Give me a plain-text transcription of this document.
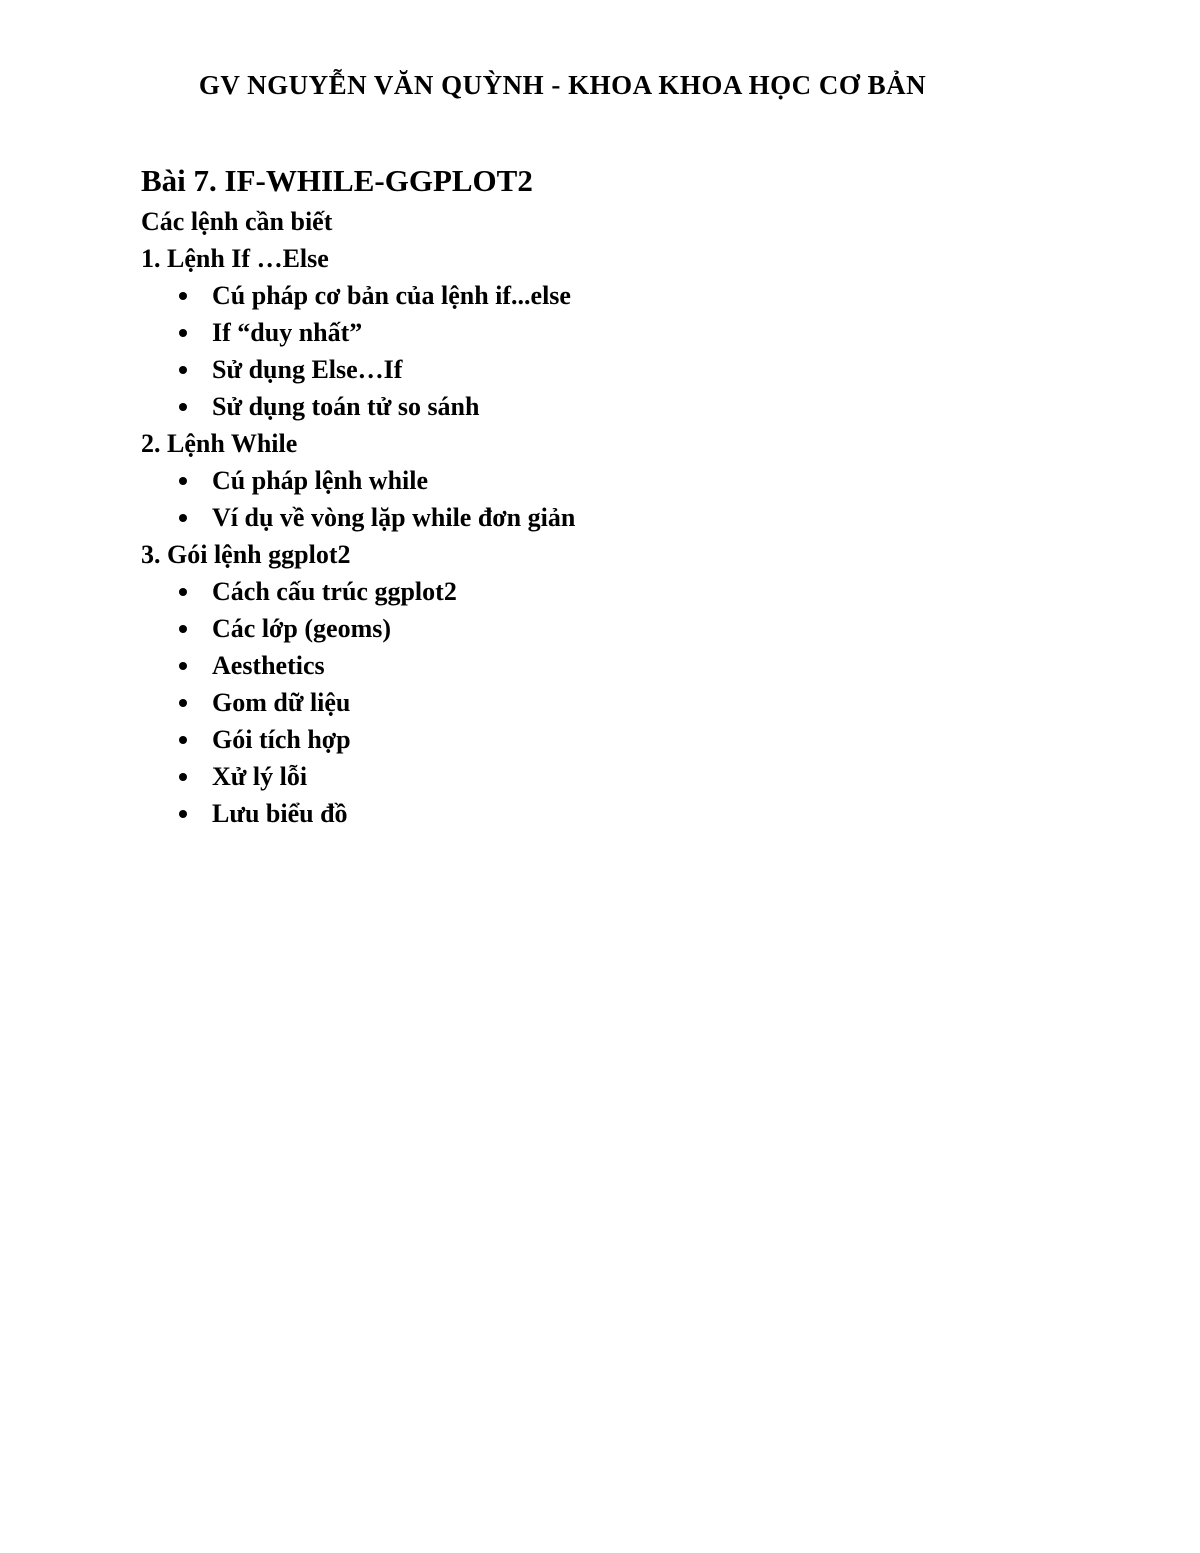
GV NGUYỄN VĂN QUỲNH - KHOA KHOA HỌC CƠ BẢN
Bài 7. IF-WHILE-GGPLOT2
Các lệnh cần biết
1. Lệnh If …Else
Cú pháp cơ bản của lệnh if...else
If “duy nhất”
Sử dụng Else…If
Sử dụng toán tử so sánh
2. Lệnh While
Cú pháp lệnh while
Ví dụ về vòng lặp while đơn giản
3. Gói lệnh ggplot2
Cách cấu trúc ggplot2
Các lớp (geoms)
Aesthetics
Gom dữ liệu
Gói tích hợp
Xử lý lỗi
Lưu biểu đồ
